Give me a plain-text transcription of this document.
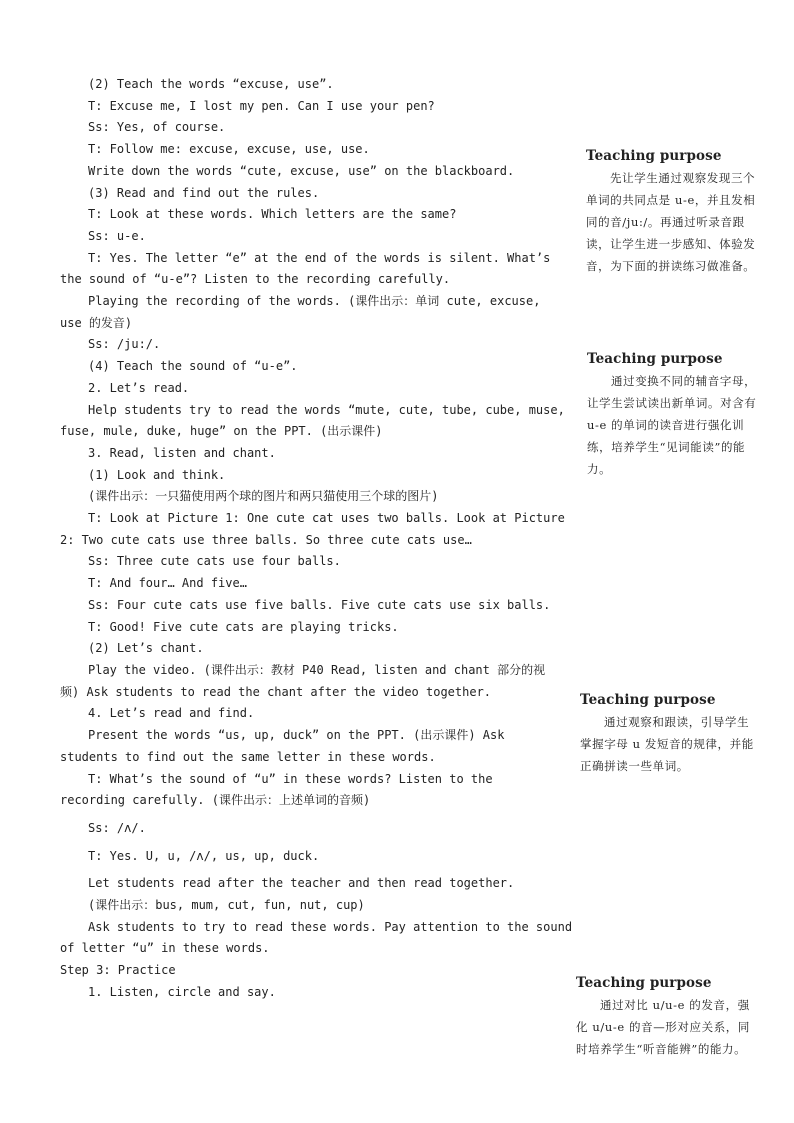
(2) Teach the words “excuse, use”.
T: Excuse me, I lost my pen. Can I use your pen?
Ss: Yes, of course.
T: Follow me: excuse, excuse, use, use.
Write down the words “cute, excuse, use” on the blackboard.
(3) Read and find out the rules.
T: Look at these words. Which letters are the same?
Ss: u-e.
T: Yes. The letter “e” at the end of the words is silent. What’s
the sound of “u-e”? Listen to the recording carefully.
Playing the recording of the words. (课件出示：单词 cute, excuse,
use 的发音)
Ss: /ju:/.
(4) Teach the sound of “u-e”.
2. Let’s read.
Help students try to read the words “mute, cute, tube, cube, muse,
fuse, mule, duke, huge” on the PPT. (出示课件)
3. Read, listen and chant.
(1) Look and think.
(课件出示：一只猫使用两个球的图片和两只猫使用三个球的图片)
T: Look at Picture 1: One cute cat uses two balls. Look at Picture
2: Two cute cats use three balls. So three cute cats use…
Ss: Three cute cats use four balls.
T: And four… And five…
Ss: Four cute cats use five balls. Five cute cats use six balls.
T: Good! Five cute cats are playing tricks.
(2) Let’s chant.
Play the video. (课件出示：教材 P40 Read, listen and chant 部分的视
频) Ask students to read the chant after the video together.
4. Let’s read and find.
Present the words “us, up, duck” on the PPT. (出示课件) Ask
students to find out the same letter in these words.
T: What’s the sound of “u” in these words? Listen to the
recording carefully. (课件出示：上述单词的音频)
Ss: /ʌ/.
T: Yes. U, u, /ʌ/, us, up, duck.
Let students read after the teacher and then read together.
(课件出示：bus, mum, cut, fun, nut, cup)
Ask students to try to read these words. Pay attention to the sound
of letter “u” in these words.
Step 3: Practice
1. Listen, circle and say.
Teaching purpose
先让学生通过观察发现三个单词的共同点是 u-e，并且发相同的音/ju:/。再通过听录音跟读，让学生进一步感知、体验发音，为下面的拼读练习做准备。
Teaching purpose
通过变换不同的辅音字母，让学生尝试读出新单词。对含有 u-e 的单词的读音进行强化训练，培养学生“见词能读”的能力。
Teaching purpose
通过观察和跟读，引导学生掌握字母 u 发短音的规律，并能正确拼读一些单词。
Teaching purpose
通过对比 u/u-e 的发音，强化 u/u-e 的音—形对应关系，同时培养学生“听音能辨”的能力。
